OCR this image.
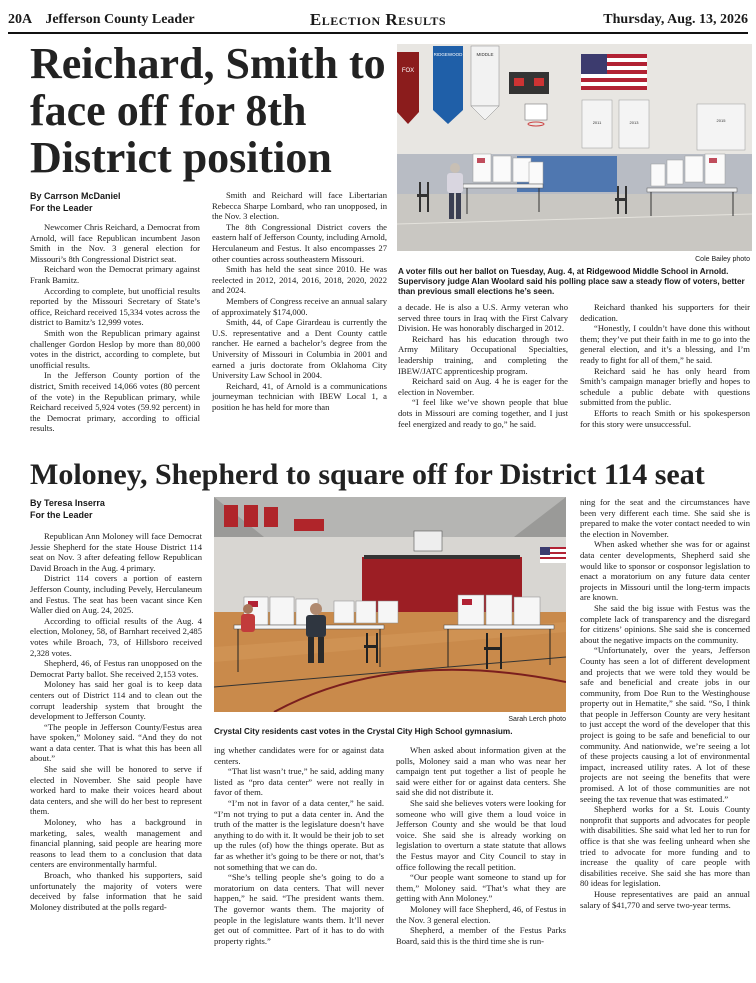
20A    Jefferson County Leader	Election Results	Thursday, Aug. 13, 2026
Reichard, Smith to face off for 8th District position
FOX
RIDGEWOOD	MIDDLE
2011	2013	2015
Cole Bailey photo
A voter fills out her ballot on Tuesday, Aug. 4, at Ridgewood Middle School in Arnold. Supervisory judge Alan Woolard said his polling place saw a steady flow of voters, better than previous small elections he’s seen.
By Carrson McDaniel
For the Leader

Newcomer Chris Reichard, a Democrat from Arnold, will face Republican incumbent Jason Smith in the Nov. 3 general election for Missouri’s 8th Congressional District seat.

Reichard won the Democrat primary against Frank Bamitz.

According to complete, but unofficial results reported by the Missouri Secretary of State’s office, Reichard received 15,334 votes across the district to Bamitz’s 12,999 votes.

Smith won the Republican primary against challenger Gordon Heslop by more than 80,000 votes in the district, according to complete, but unofficial results.

In the Jefferson County portion of the district, Smith received 14,066 votes (80 percent of the vote) in the Republican primary, while Reichard received 5,924 votes (59.92 percent) in the Democrat primary, according to official results.

Smith and Reichard will face Libertarian Rebecca Sharpe Lombard, who ran unopposed, in the Nov. 3 election.

The 8th Congressional District covers the eastern half of Jefferson County, including Arnold, Herculaneum and Festus. It also encompasses 27 other counties across southeastern Missouri.

Smith has held the seat since 2010. He was reelected in 2012, 2014, 2016, 2018, 2020, 2022 and 2024.

Members of Congress receive an annual salary of approximately $174,000.

Smith, 44, of Cape Girardeau is currently the U.S. representative and a Dent County cattle rancher. He earned a bachelor’s degree from the University of Missouri in Columbia in 2001 and earned a juris doctorate from Oklahoma City University Law School in 2004.

Reichard, 41, of Arnold is a communications journeyman technician with IBEW Local 1, a position he has held for more than

a decade. He is also a U.S. Army veteran who served three tours in Iraq with the First Calvary Division. He was honorably discharged in 2012.

Reichard has his education through two Army Military Occupational Specialties, leadership training, and completing the IBEW/JATC apprenticeship program.

Reichard said on Aug. 4 he is eager for the election in November.

“I feel like we’ve shown people that blue dots in Missouri are coming together, and I just feel energized and ready to go,” he said.

Reichard thanked his supporters for their dedication.

“Honestly, I couldn’t have done this without them; they’ve put their faith in me to go into the general election, and it’s a blessing, and I’m ready to fight for all of them,” he said.

Reichard said he has only heard from Smith’s campaign manager briefly and hopes to schedule a public debate with questions submitted from the public.

Efforts to reach Smith or his spokesperson for this story were unsuccessful.

Moloney, Shepherd to square off for District 114 seat
By Teresa Inserra
For the Leader
Sarah Lerch photo
Crystal City residents cast votes in the Crystal City High School gymnasium.

Republican Ann Moloney will face Democrat Jessie Shepherd for the state House District 114 seat on Nov. 3 after defeating fellow Republican David Broach in the Aug. 4 primary.

District 114 covers a portion of eastern Jefferson County, including Pevely, Herculaneum and Festus. The seat has been vacant since Ken Waller died on Aug. 24, 2025.

According to official results of the Aug. 4 election, Moloney, 58, of Barnhart received 2,485 votes while Broach, 73, of Hillsboro received 2,328 votes.

Shepherd, 46, of Festus ran unopposed on the Democrat Party ballot. She received 2,153 votes.

Moloney has said her goal is to keep data centers out of District 114 and to clean out the corrupt leadership system that brought the development to Jefferson County.

“The people in Jefferson County/Festus area have spoken,” Moloney said. “And they do not want a data center. That is what this has been all about.”

She said she will be honored to serve if elected in November. She said people have worked hard to make their voices heard about data centers, and she will do her best to represent them.

Moloney, who has a background in marketing, sales, wealth management and financial planning, said people are hearing more reasons to lead them to a conclusion that data centers are environmentally harmful.

Broach, who thanked his supporters, said unfortunately the majority of voters were deceived by false information that he said Moloney distributed at the polls regard-

ing whether candidates were for or against data centers.

“That list wasn’t true,” he said, adding many listed as “pro data center” were not really in favor of them.

“I’m not in favor of a data center,” he said. “I’m not trying to put a data center in. And the truth of the matter is the legislature doesn’t have anything to do with it. It would be their job to set up the rules (of) how the things operate. But as far as whether it’s going to be there or not, that’s not something that we can do.

“She’s telling people she’s going to do a moratorium on data centers. That will never happen,” he said. “The president wants them. The governor wants them. The majority of people in the legislature wants them. It’ll never get out of committee. Part of it has to do with property rights.”

When asked about information given at the polls, Moloney said a man who was near her campaign tent put together a list of people he said were either for or against data centers. She said she did not distribute it.

She said she believes voters were looking for someone who will give them a loud voice in Jefferson County and she would be that loud voice. She said she is already working on legislation to overturn a state statute that allows the Festus mayor and City Council to stay in office following the recall petition.

“Our people want someone to stand up for them,” Moloney said. “That’s what they are getting with Ann Moloney.”

Moloney will face Shepherd, 46, of Festus in the Nov. 3 general election.

Shepherd, a member of the Festus Parks Board, said this is the third time she is run-

ning for the seat and the circumstances have been very different each time. She said she is prepared to make the voter contact needed to win the election in November.

When asked whether she was for or against data center developments, Shepherd said she would like to sponsor or cosponsor legislation to enact a moratorium on any future data center projects in Missouri until the long-term impacts are known.

She said the big issue with Festus was the complete lack of transparency and the disregard for citizens’ opinions. She said she is concerned about the negative impacts on the community.

“Unfortunately, over the years, Jefferson County has seen a lot of different development and projects that we were told they would be safe and beneficial and create jobs in our community, from Doe Run to the Westinghouse property out in Hematite,” she said. “So, I think that people in Jefferson County are very hesitant to just accept the word of the developer that this project is going to be safe and beneficial to our community. And nationwide, we’re seeing a lot of these projects causing a lot of environmental impact, increased utility rates. A lot of these projects are not seeing the benefits that were promised. A lot of those communities are not seeing the tax revenue that was estimated.”

Shepherd works for a St. Louis County nonprofit that supports and advocates for people with disabilities. She said what led her to run for office is that she was feeling unheard when she tried to advocate for more funding and to increase the quality of care people with disabilities receive. She said she has more than 80 ideas for legislation.

House representatives are paid an annual salary of $41,770 and serve two-year terms.
